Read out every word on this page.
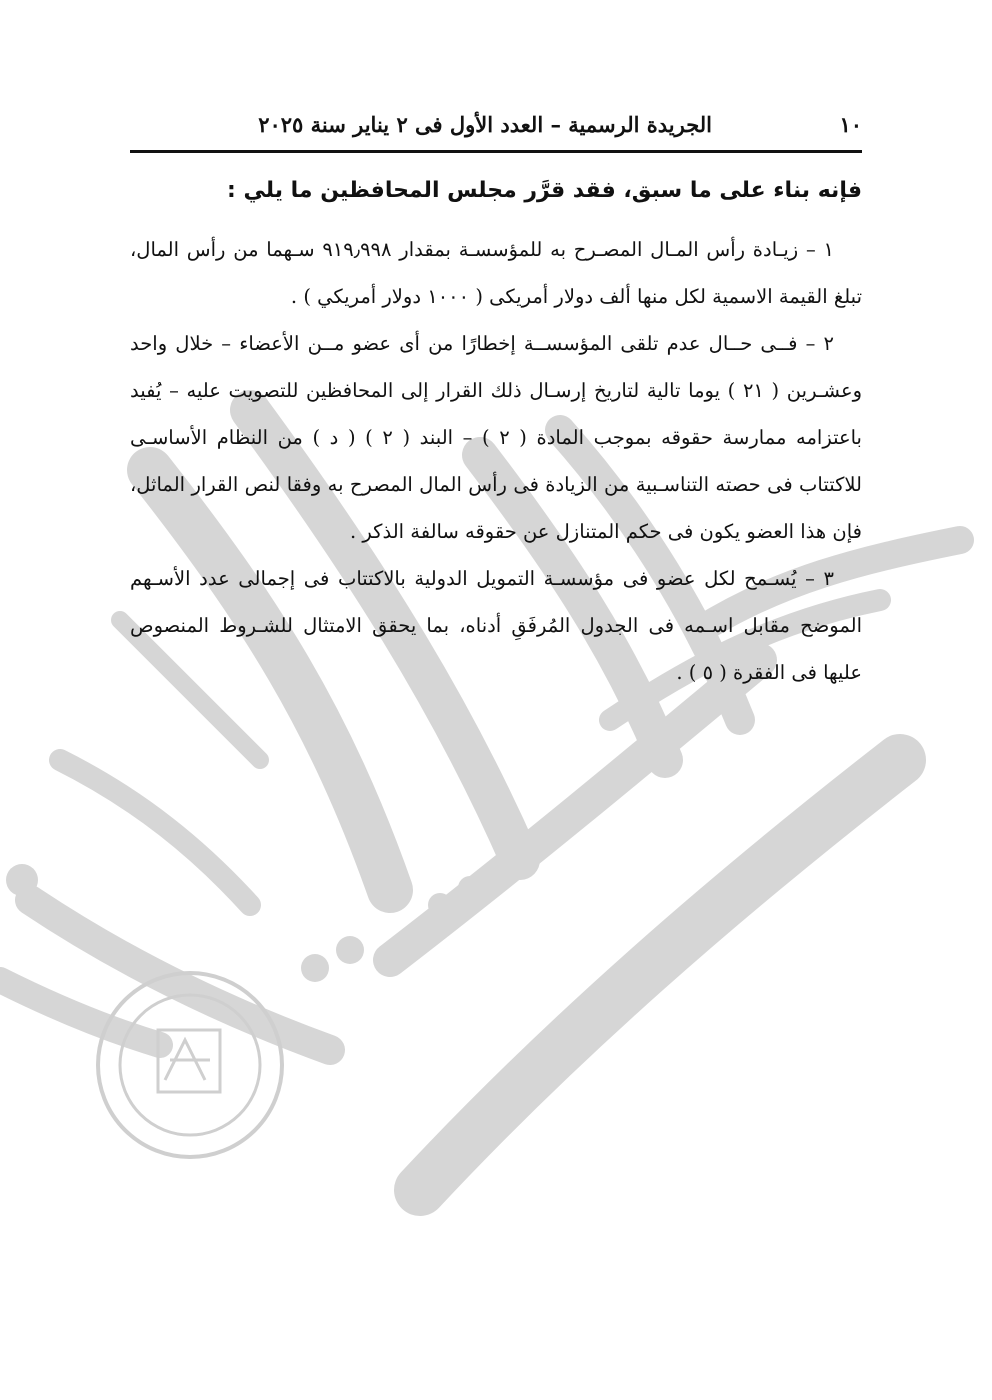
١٠
الجريدة الرسمية – العدد الأول فى ٢ يناير سنة ٢٠٢٥
فإنه بناء على ما سبق، فقد قرَّر مجلس المحافظين ما يلي :

١ – زيـادة رأس المـال المصـرح به للمؤسسـة بمقدار ٩١٩٫٩٩٨ سـهما من رأس المال، تبلغ القيمة الاسمية لكل منها ألف دولار أمريكى ( ١٠٠٠ دولار أمريكي ) .

٢ – فــى حــال عدم تلقى المؤسســة إخطارًا من أى عضو مــن الأعضاء – خلال واحد وعشـرين ( ٢١ ) يوما تالية لتاريخ إرسـال ذلك القرار إلى المحافظين للتصويت عليه – يُفيد باعتزامه ممارسة حقوقه بموجب المادة ( ٢ ) – البند ( ٢ ) ( د ) من النظام الأساسـى للاكتتاب فى حصته التناسـبية من الزيادة فى رأس المال المصرح به وفقا لنص القرار الماثل، فإن هذا العضو يكون فى حكم المتنازل عن حقوقه سالفة الذكر .

٣ – يُسـمح لكل عضو فى مؤسسـة التمويل الدولية بالاكتتاب فى إجمالى عدد الأسـهم الموضح مقابل اسـمه فى الجدول المُرفَقِ أدناه، بما يحقق الامتثال للشـروط المنصوص عليها فى الفقرة ( ٥ ) .
